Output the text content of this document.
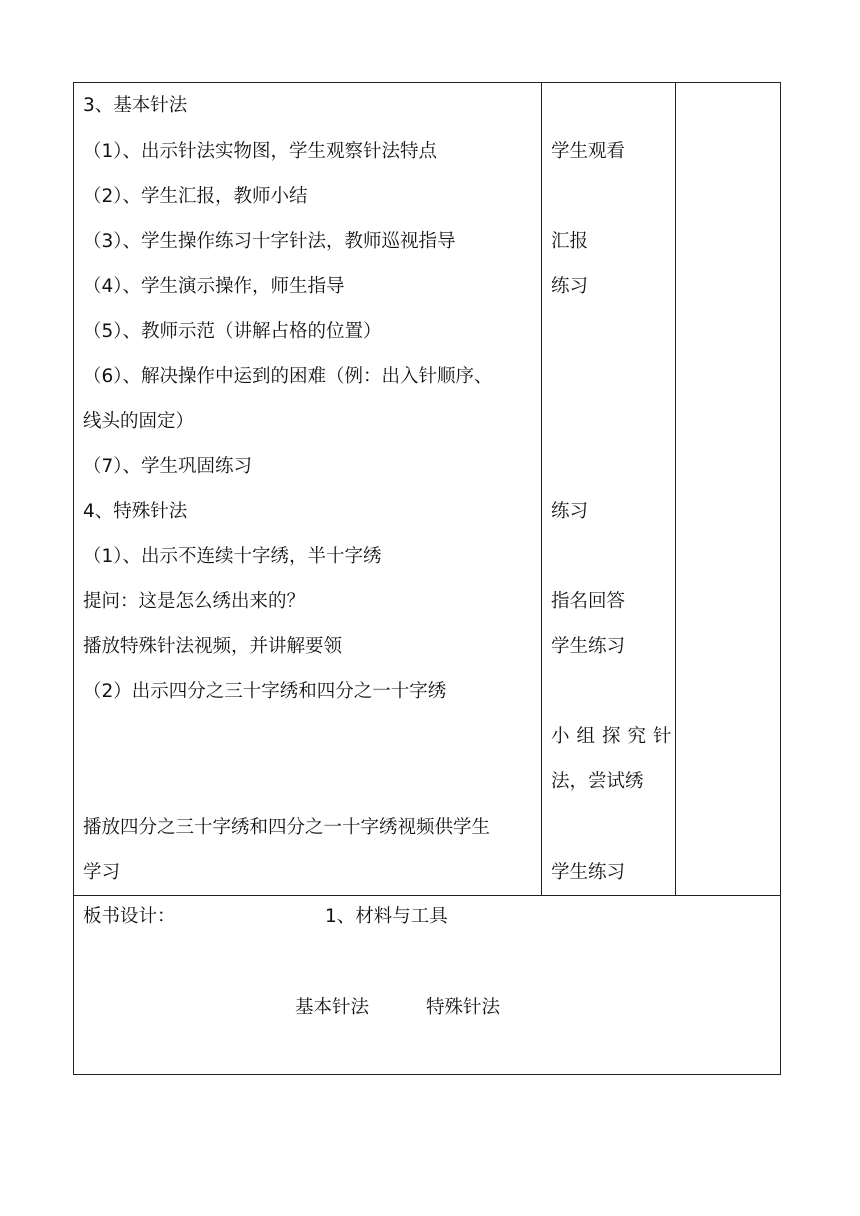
3、基本针法
（1）、出示针法实物图，学生观察针法特点
（2）、学生汇报，教师小结
（3）、学生操作练习十字针法，教师巡视指导
（4）、学生演示操作，师生指导
（5）、教师示范（讲解占格的位置）
（6）、解决操作中运到的困难（例：出入针顺序、
线头的固定）
（7）、学生巩固练习
4、特殊针法
（1）、出示不连续十字绣，半十字绣
提问：这是怎么绣出来的？
播放特殊针法视频，并讲解要领
（2）出示四分之三十字绣和四分之一十字绣
播放四分之三十字绣和四分之一十字绣视频供学生
学习
学生观看
汇报
练习
练习
指名回答
学生练习
小组探究针
法，尝试绣
学生练习
板书设计：	1、材料与工具
基本针法	特殊针法
